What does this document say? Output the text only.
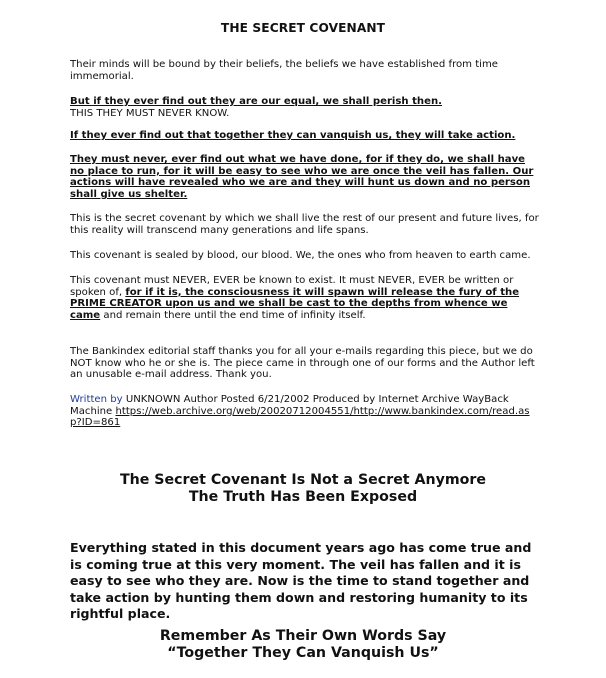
THE SECRET COVENANT
Their minds will be bound by their beliefs, the beliefs we have established from time immemorial.
But if they ever find out they are our equal, we shall perish then.
THIS THEY MUST NEVER KNOW.
If they ever find out that together they can vanquish us, they will take action.
They must never, ever find out what we have done, for if they do, we shall have no place to run, for it will be easy to see who we are once the veil has fallen. Our actions will have revealed who we are and they will hunt us down and no person shall give us shelter.
This is the secret covenant by which we shall live the rest of our present and future lives, for this reality will transcend many generations and life spans.
This covenant is sealed by blood, our blood. We, the ones who from heaven to earth came.
This covenant must NEVER, EVER be known to exist. It must NEVER, EVER be written or spoken of, for if it is, the consciousness it will spawn will release the fury of the PRIME CREATOR upon us and we shall be cast to the depths from whence we came and remain there until the end time of infinity itself.
The Bankindex editorial staff thanks you for all your e-mails regarding this piece, but we do NOT know who he or she is. The piece came in through one of our forms and the Author left an unusable e-mail address. Thank you.
Written by UNKNOWN Author Posted 6/21/2002 Produced by Internet Archive WayBack Machine https://web.archive.org/web/20020712004551/http://www.bankindex.com/read.asp?ID=861
The Secret Covenant Is Not a Secret Anymore
The Truth Has Been Exposed
Everything stated in this document years ago has come true and is coming true at this very moment. The veil has fallen and it is easy to see who they are. Now is the time to stand together and take action by hunting them down and restoring humanity to its rightful place.
Remember As Their Own Words Say
“Together They Can Vanquish Us”
